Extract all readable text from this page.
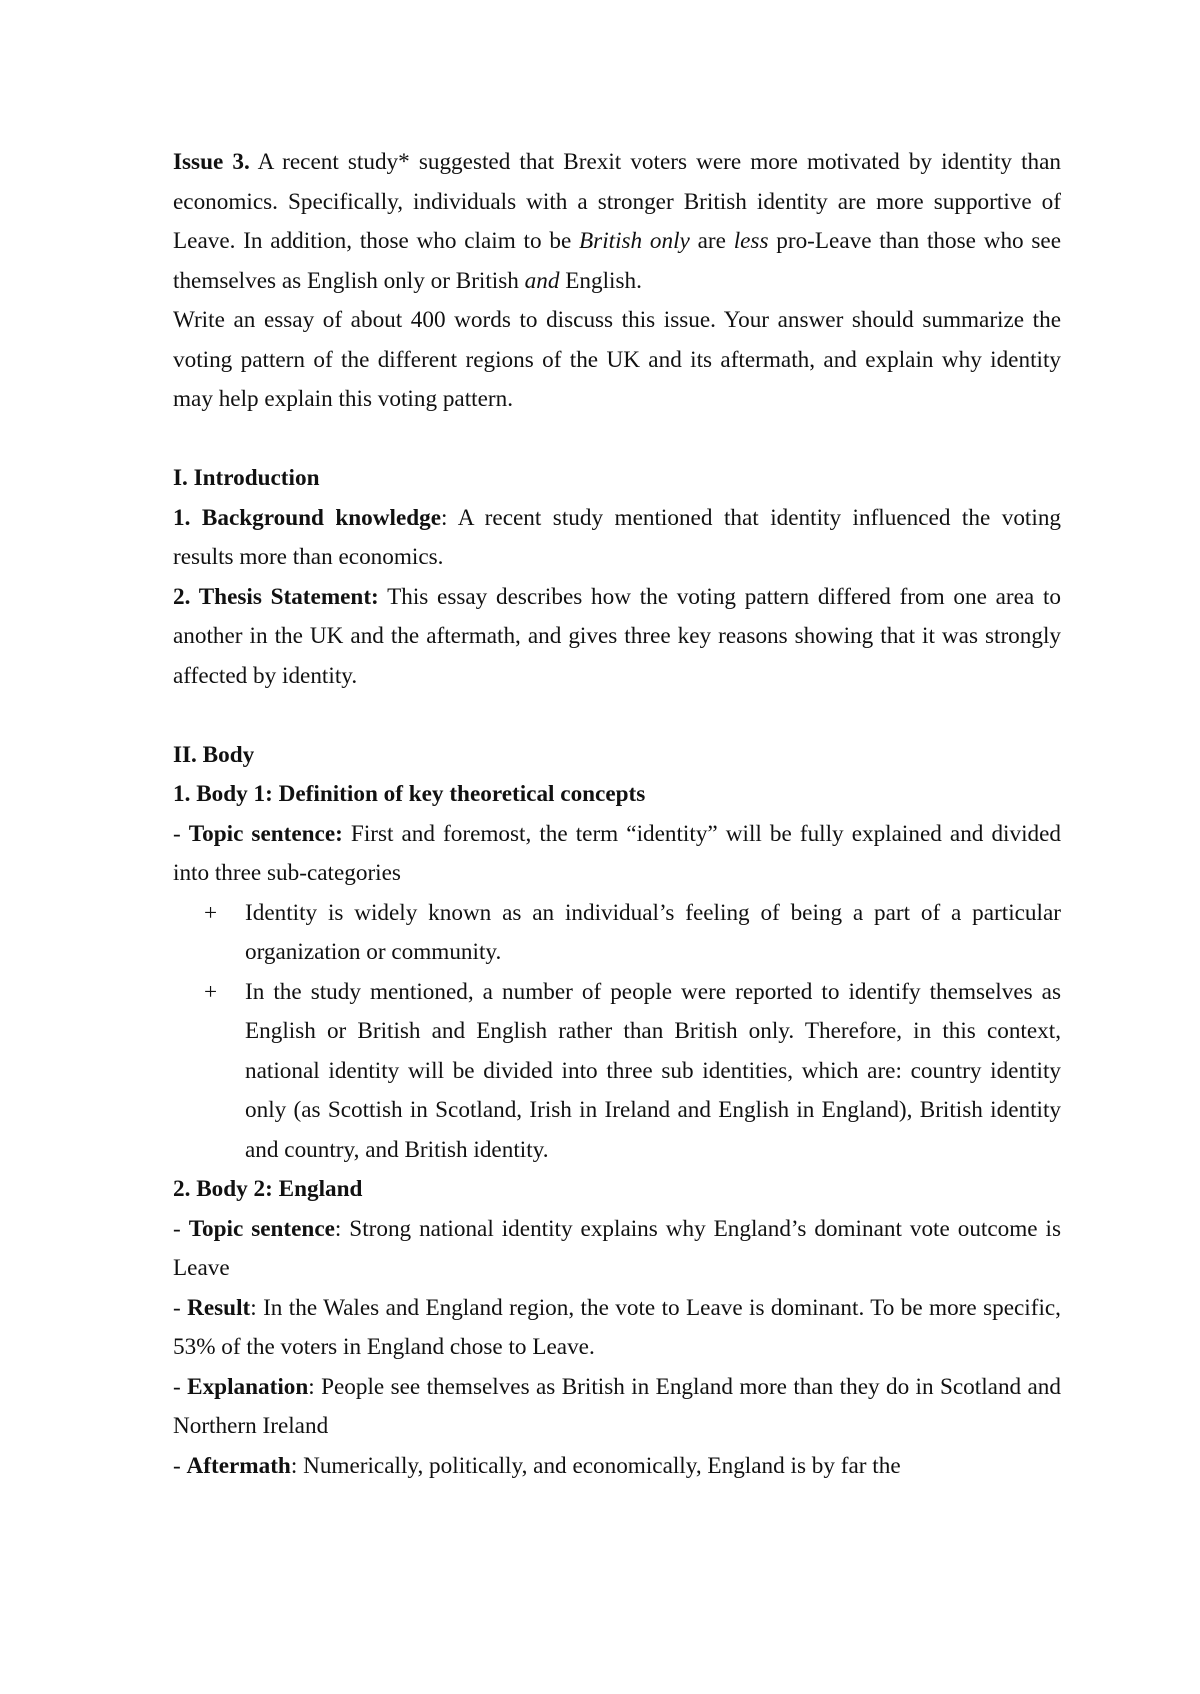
Issue 3. A recent study* suggested that Brexit voters were more motivated by identity than economics. Specifically, individuals with a stronger British identity are more supportive of Leave. In addition, those who claim to be British only are less pro-Leave than those who see themselves as English only or British and English.

Write an essay of about 400 words to discuss this issue. Your answer should summarize the voting pattern of the different regions of the UK and its aftermath, and explain why identity may help explain this voting pattern.

I. Introduction

1. Background knowledge: A recent study mentioned that identity influenced the voting results more than economics.

2. Thesis Statement: This essay describes how the voting pattern differed from one area to another in the UK and the aftermath, and gives three key reasons showing that it was strongly affected by identity.

II. Body

1. Body 1: Definition of key theoretical concepts

- Topic sentence: First and foremost, the term “identity” will be fully explained and divided into three sub-categories

+	Identity is widely known as an individual’s feeling of being a part of a particular organization or community.
+	In the study mentioned, a number of people were reported to identify themselves as English or British and English rather than British only. Therefore, in this context, national identity will be divided into three sub identities, which are: country identity only (as Scottish in Scotland, Irish in Ireland and English in England), British identity and country, and British identity.

2. Body 2: England

- Topic sentence: Strong national identity explains why England’s dominant vote outcome is Leave

- Result: In the Wales and England region, the vote to Leave is dominant. To be more specific, 53% of the voters in England chose to Leave.

- Explanation: People see themselves as British in England more than they do in Scotland and Northern Ireland

- Aftermath: Numerically, politically, and economically, England is by far the
